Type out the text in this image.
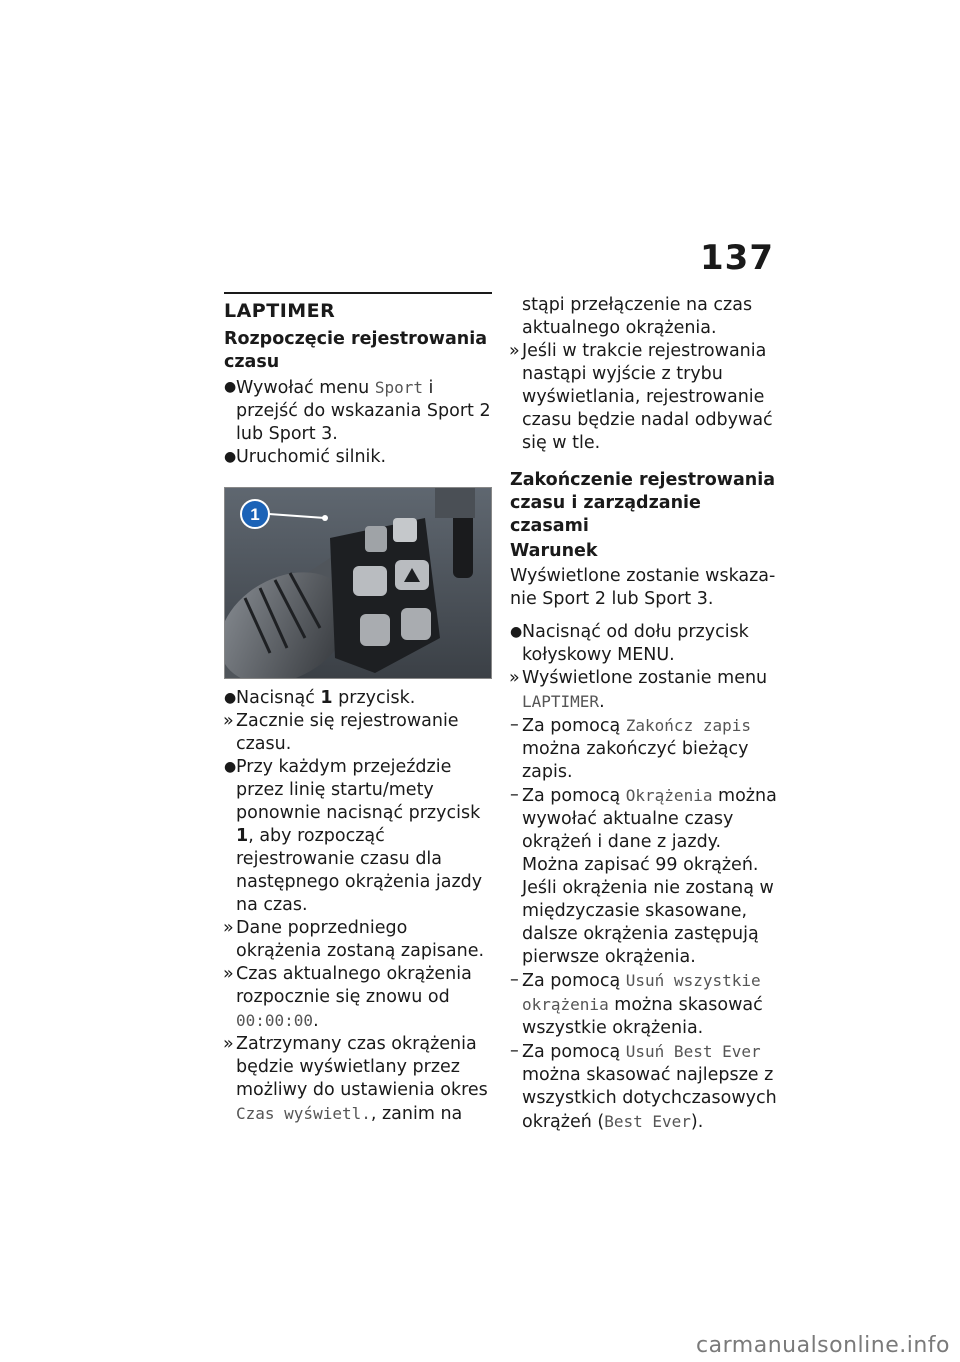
137
LAPTIMER
Rozpoczęcie rejestrowania czasu
● Wywołać menu Sport i przejść do wskazania Sport 2 lub Sport 3.
● Uruchomić silnik.
1
● Nacisnąć 1 przycisk.
» Zacznie się rejestrowanie czasu.
● Przy każdym przejeździe przez linię startu/mety ponownie nacisnąć przycisk 1, aby rozpocząć rejestrowanie czasu dla następnego okrążenia jazdy na czas.
» Dane poprzedniego okrążenia zostaną zapisane.
» Czas aktualnego okrążenia rozpocznie się znowu od 00:00:00.
» Zatrzymany czas okrążenia będzie wyświetlany przez możliwy do ustawienia okres Czas wyświetl., zanim na
stąpi przełączenie na czas aktualnego okrążenia.
» Jeśli w trakcie rejestrowania nastąpi wyjście z trybu wyświetlania, rejestrowanie czasu będzie nadal odbywać się w tle.
Zakończenie rejestrowania czasu i zarządzanie czasami
Warunek
Wyświetlone zostanie wskazanie Sport 2 lub Sport 3.
● Nacisnąć od dołu przycisk kołyskowy MENU.
» Wyświetlone zostanie menu LAPTIMER.
– Za pomocą Zakończ zapis można zakończyć bieżący zapis.
– Za pomocą Okrążenia można wywołać aktualne czasy okrążeń i dane z jazdy. Można zapisać 99 okrążeń. Jeśli okrążenia nie zostaną w międzyczasie skasowane, dalsze okrążenia zastępują pierwsze okrążenia.
– Za pomocą Usuń wszystkie okrążenia można skasować wszystkie okrążenia.
– Za pomocą Usuń Best Ever można skasować najlepsze z wszystkich dotychczasowych okrążeń (Best Ever).
carmanualsonline.info
